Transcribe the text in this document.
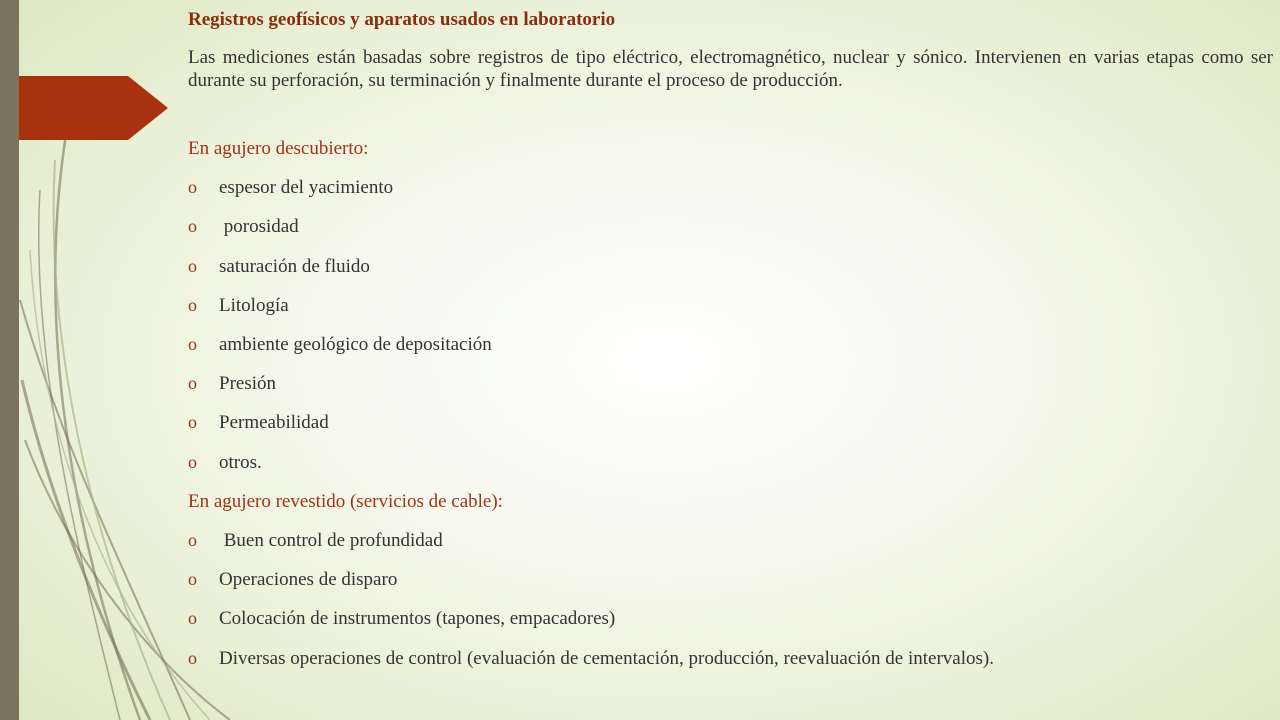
Registros geofísicos y aparatos usados en laboratorio
Las mediciones están basadas sobre registros de tipo eléctrico, electromagnético, nuclear y sónico. Intervienen en varias etapas como ser durante su perforación, su terminación y finalmente durante el proceso de producción.
En agujero descubierto:
o espesor del yacimiento
o porosidad
o saturación de fluido
o Litología
o ambiente geológico de depositación
o Presión
o Permeabilidad
o otros.
En agujero revestido (servicios de cable):
o Buen control de profundidad
o Operaciones de disparo
o Colocación de instrumentos (tapones, empacadores)
o Diversas operaciones de control (evaluación de cementación, producción, reevaluación de intervalos).
